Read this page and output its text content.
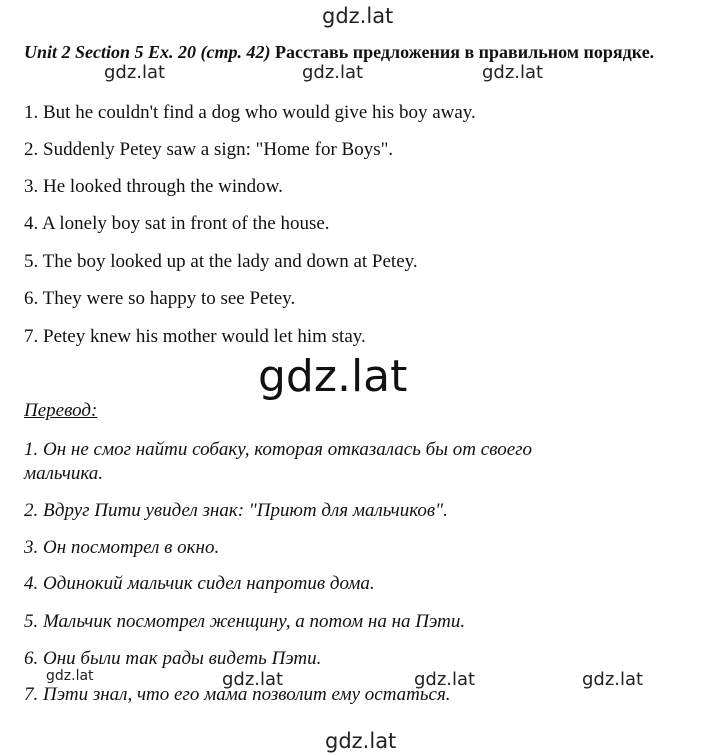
gdz.lat
Unit 2 Section 5 Ex. 20 (стр. 42) Расставь предложения в правильном порядке.
gdz.lat	gdz.lat	gdz.lat
1. But he couldn't find a dog who would give his boy away.
2. Suddenly Petey saw a sign: "Home for Boys".
3. He looked through the window.
4. A lonely boy sat in front of the house.
5. The boy looked up at the lady and down at Petey.
6. They were so happy to see Petey.
7. Petey knew his mother would let him stay.
gdz.lat
Перевод:
1. Он не смог найти собаку, которая отказалась бы от своего мальчика.
2. Вдруг Пити увидел знак: "Приют для мальчиков".
3. Он посмотрел в окно.
4. Одинокий мальчик сидел напротив дома.
5. Мальчик посмотрел женщину, а потом на на Пэти.
6. Они были так рады видеть Пэти.
7. Пэти знал, что его мама позволит ему остаться.
gdz.lat	gdz.lat	gdz.lat	gdz.lat
gdz.lat
